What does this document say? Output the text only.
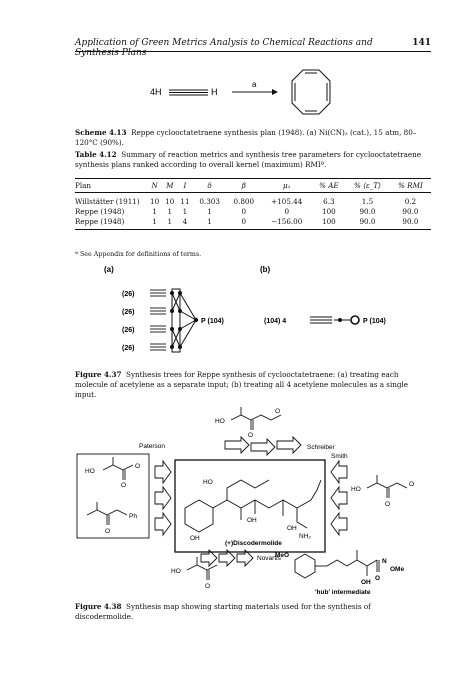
Application of Green Metrics Analysis to Chemical Reactions and Synthesis Plans
141
4H	H
a
Scheme 4.13 Reppe cyclooctatetraene synthesis plan (1948). (a) Ni(CN)₂ (cat.), 15 atm, 80–120°C (90%).
Table 4.12 Summary of reaction metrics and synthesis tree parameters for cyclooctatetraene synthesis plans ranked according to overall kernel (maximum) RMIª.
Plan	N	M	I	δ	β	μ₁	% AE	% ⟨ε_T⟩	% RMI
Willstätter (1911)	10	10	11	0.303	0.800	+105.44	6.3	1.5	0.2
Reppe (1948)	1	1	1	1	0	0	100	90.0	90.0
Reppe (1948)	1	1	4	1	0	−156.00	100	90.0	90.0
ª See Appendix for definitions of terms.
(a)	(b)
(26)
(26)
(26)
(26)
P (104)	(104) 4	P (104)
Figure 4.37 Synthesis trees for Reppe synthesis of cyclooctatetraene: (a) treating each molecule of acetylene as a separate input; (b) treating all 4 acetylene molecules as a single input.
HO
O
O
Schreiber
Paterson
HO
O
O
O
Ph
HO
OH
OH
OH	NH₂
(+)Discodermolide
Smith
HO
O
O
Novartis
HO
O
MeO
OH
O
N
OMe
'hub' intermediate
Figure 4.38 Synthesis map showing starting materials used for the synthesis of discodermolide.
